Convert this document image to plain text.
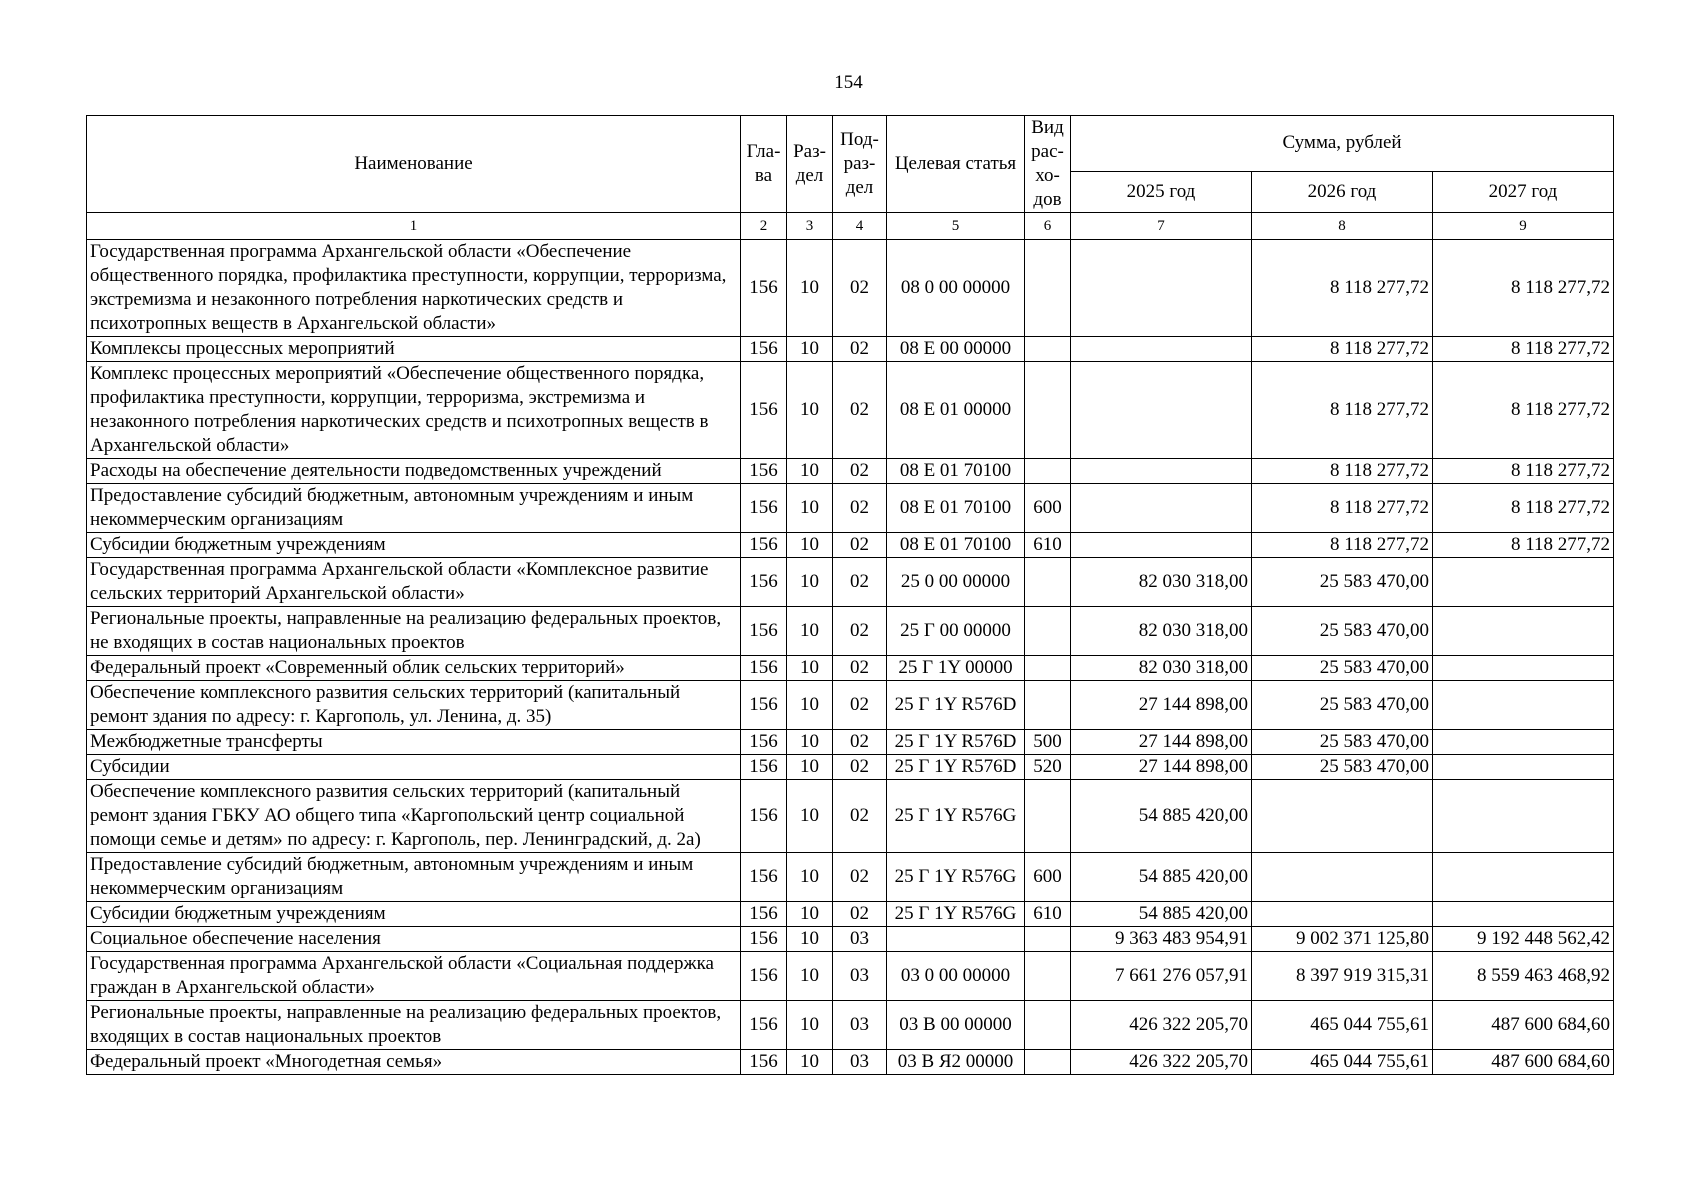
154
Наименование	Гла-ва	Раз-дел	Под-раз-дел	Целевая статья	Вид рас-хо-дов	Сумма, рублей		
						2025 год	2026 год	2027 год
1	2	3	4	5	6	7	8	9
Государственная программа Архангельской области «Обеспечение общественного порядка, профилактика преступности, коррупции, терроризма, экстремизма и незаконного потребления наркотических средств и психотропных веществ в Архангельской области»	156	10	02	08 0 00 00000			8 118 277,72	8 118 277,72
Комплексы процессных мероприятий	156	10	02	08 Е 00 00000			8 118 277,72	8 118 277,72
Комплекс процессных мероприятий «Обеспечение общественного порядка, профилактика преступности, коррупции, терроризма, экстремизма и незаконного потребления наркотических средств и психотропных веществ в Архангельской области»	156	10	02	08 Е 01 00000			8 118 277,72	8 118 277,72
Расходы на обеспечение деятельности подведомственных учреждений	156	10	02	08 Е 01 70100			8 118 277,72	8 118 277,72
Предоставление субсидий бюджетным, автономным учреждениям и иным некоммерческим организациям	156	10	02	08 Е 01 70100	600		8 118 277,72	8 118 277,72
Субсидии бюджетным учреждениям	156	10	02	08 Е 01 70100	610		8 118 277,72	8 118 277,72
Государственная программа Архангельской области «Комплексное развитие сельских территорий Архангельской области»	156	10	02	25 0 00 00000		82 030 318,00	25 583 470,00	
Региональные проекты, направленные на реализацию федеральных проектов, не входящих в состав национальных проектов	156	10	02	25 Г 00 00000		82 030 318,00	25 583 470,00	
Федеральный проект «Современный облик сельских территорий»	156	10	02	25 Г 1Y 00000		82 030 318,00	25 583 470,00	
Обеспечение комплексного развития сельских территорий (капитальный ремонт здания по адресу: г. Каргополь, ул. Ленина, д. 35)	156	10	02	25 Г 1Y R576D		27 144 898,00	25 583 470,00	
Межбюджетные трансферты	156	10	02	25 Г 1Y R576D	500	27 144 898,00	25 583 470,00	
Субсидии	156	10	02	25 Г 1Y R576D	520	27 144 898,00	25 583 470,00	
Обеспечение комплексного развития сельских территорий (капитальный ремонт здания ГБКУ АО общего типа «Каргопольский центр социальной помощи семье и детям» по адресу: г. Каргополь, пер. Ленинградский, д. 2а)	156	10	02	25 Г 1Y R576G		54 885 420,00		
Предоставление субсидий бюджетным, автономным учреждениям и иным некоммерческим организациям	156	10	02	25 Г 1Y R576G	600	54 885 420,00		
Субсидии бюджетным учреждениям	156	10	02	25 Г 1Y R576G	610	54 885 420,00		
Социальное обеспечение населения	156	10	03			9 363 483 954,91	9 002 371 125,80	9 192 448 562,42
Государственная программа Архангельской области «Социальная поддержка граждан в Архангельской области»	156	10	03	03 0 00 00000		7 661 276 057,91	8 397 919 315,31	8 559 463 468,92
Региональные проекты, направленные на реализацию федеральных проектов, входящих в состав национальных проектов	156	10	03	03 В 00 00000		426 322 205,70	465 044 755,61	487 600 684,60
Федеральный проект «Многодетная семья»	156	10	03	03 В Я2 00000		426 322 205,70	465 044 755,61	487 600 684,60
